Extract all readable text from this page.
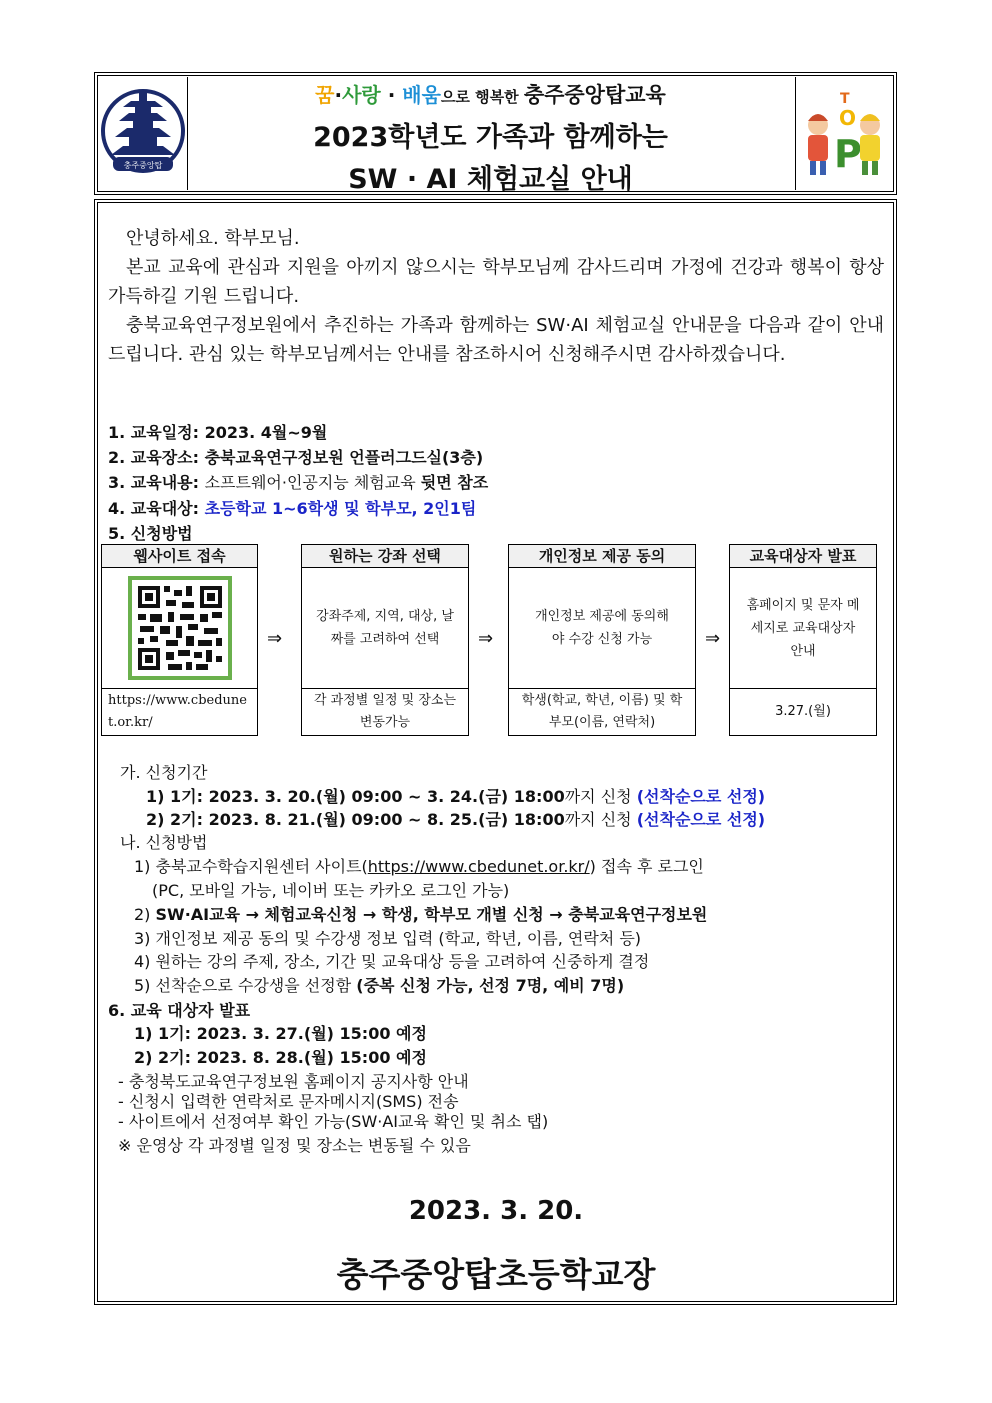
충주중앙탑
꿈·사랑 · 배움으로 행복한 충주중앙탑교육
2023학년도 가족과 함께하는
SW · AI 체험교실 안내
T
O
P
안녕하세요. 학부모님.
본교 교육에 관심과 지원을 아끼지 않으시는 학부모님께 감사드리며 가정에 건강과 행복이 항상 가득하길 기원 드립니다.
충북교육연구정보원에서 추진하는 가족과 함께하는 SW·AI 체험교실 안내문을 다음과 같이 안내드립니다. 관심 있는 학부모님께서는 안내를 참조하시어 신청해주시면 감사하겠습니다.
1. 교육일정: 2023. 4월~9월
2. 교육장소: 충북교육연구정보원 언플러그드실(3층)
3. 교육내용: 소프트웨어·인공지능 체험교육 뒷면 참조
4. 교육대상: 초등학교 1~6학생 및 학부모, 2인1팀
5. 신청방법
웹사이트 접속
https://www.cbedunet.or.kr/
⇒
원하는 강좌 선택
강좌주제, 지역, 대상, 날짜를 고려하여 선택
각 과정별 일정 및 장소는 변동가능
⇒
개인정보 제공 동의
개인정보 제공에 동의해야 수강 신청 가능
학생(학교, 학년, 이름) 및 학부모(이름, 연락처)
⇒
교육대상자 발표
홈페이지 및 문자 메세지로 교육대상자 안내
3.27.(월)
가. 신청기간
1) 1기: 2023. 3. 20.(월) 09:00 ~ 3. 24.(금) 18:00까지 신청 (선착순으로 선정)
2) 2기: 2023. 8. 21.(월) 09:00 ~ 8. 25.(금) 18:00까지 신청 (선착순으로 선정)
나. 신청방법
1) 충북교수학습지원센터 사이트(https://www.cbedunet.or.kr/) 접속 후 로그인
(PC, 모바일 가능, 네이버 또는 카카오 로그인 가능)
2) SW·AI교육 → 체험교육신청 → 학생, 학부모 개별 신청 → 충북교육연구정보원
3) 개인정보 제공 동의 및 수강생 정보 입력 (학교, 학년, 이름, 연락처 등)
4) 원하는 강의 주제, 장소, 기간 및 교육대상 등을 고려하여 신중하게 결정
5) 선착순으로 수강생을 선정함 (중복 신청 가능, 선정 7명, 예비 7명)
6. 교육 대상자 발표
1) 1기: 2023. 3. 27.(월) 15:00 예정
2) 2기: 2023. 8. 28.(월) 15:00 예정
- 충청북도교육연구정보원 홈페이지 공지사항 안내
- 신청시 입력한 연락처로 문자메시지(SMS) 전송
- 사이트에서 선정여부 확인 가능(SW·AI교육 확인 및 취소 탭)
※ 운영상 각 과정별 일정 및 장소는 변동될 수 있음
2023. 3. 20.
충주중앙탑초등학교장
